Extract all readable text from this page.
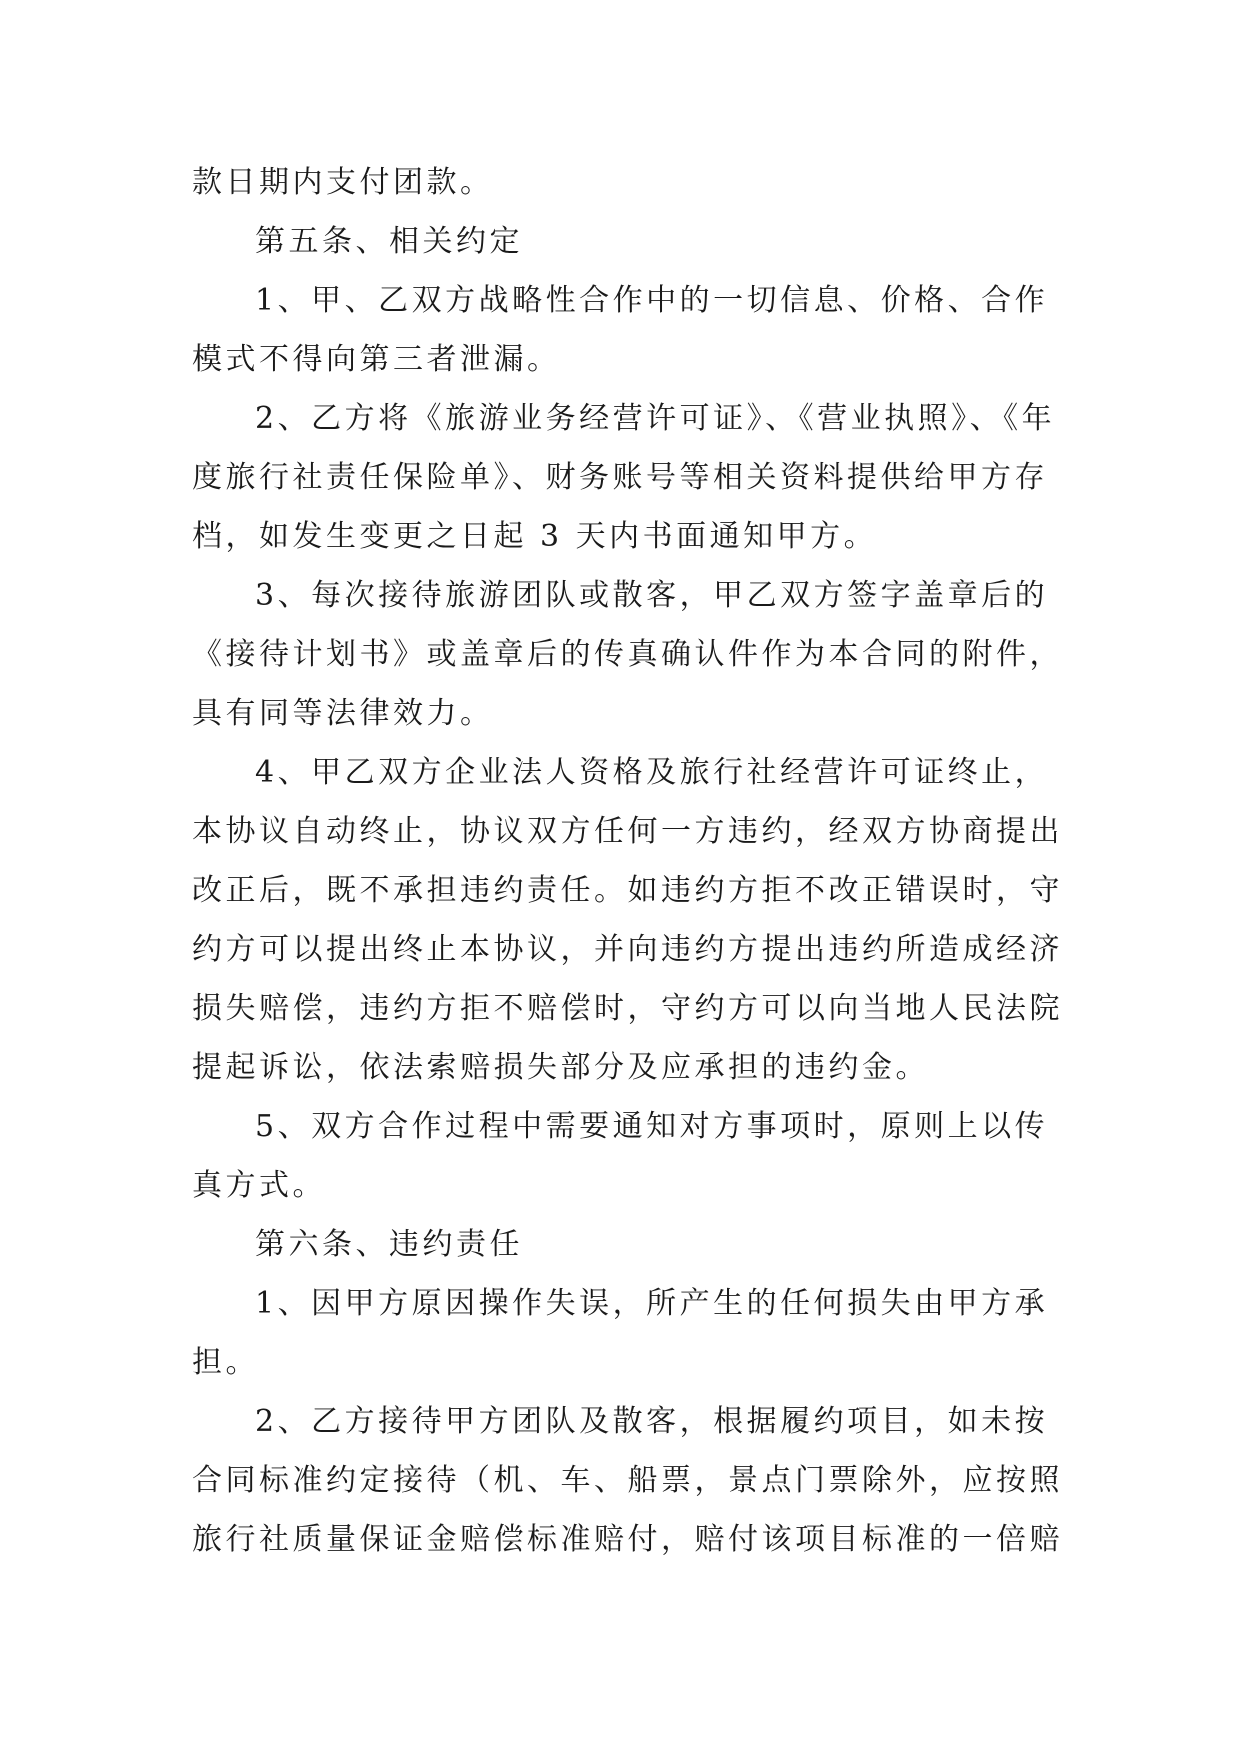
款日期内支付团款。
第五条、相关约定
1、甲、乙双方战略性合作中的一切信息、价格、合作
模式不得向第三者泄漏。
2、乙方将《旅游业务经营许可证》、《营业执照》、《年
度旅行社责任保险单》、财务账号等相关资料提供给甲方存
档，如发生变更之日起 3 天内书面通知甲方。
3、每次接待旅游团队或散客，甲乙双方签字盖章后的
《接待计划书》或盖章后的传真确认件作为本合同的附件，
具有同等法律效力。
4、甲乙双方企业法人资格及旅行社经营许可证终止，
本协议自动终止，协议双方任何一方违约，经双方协商提出
改正后，既不承担违约责任。如违约方拒不改正错误时，守
约方可以提出终止本协议，并向违约方提出违约所造成经济
损失赔偿，违约方拒不赔偿时，守约方可以向当地人民法院
提起诉讼，依法索赔损失部分及应承担的违约金。
5、双方合作过程中需要通知对方事项时，原则上以传
真方式。
第六条、违约责任
1、因甲方原因操作失误，所产生的任何损失由甲方承
担。
2、乙方接待甲方团队及散客，根据履约项目，如未按
合同标准约定接待（机、车、船票，景点门票除外，应按照
旅行社质量保证金赔偿标准赔付，赔付该项目标准的一倍赔
